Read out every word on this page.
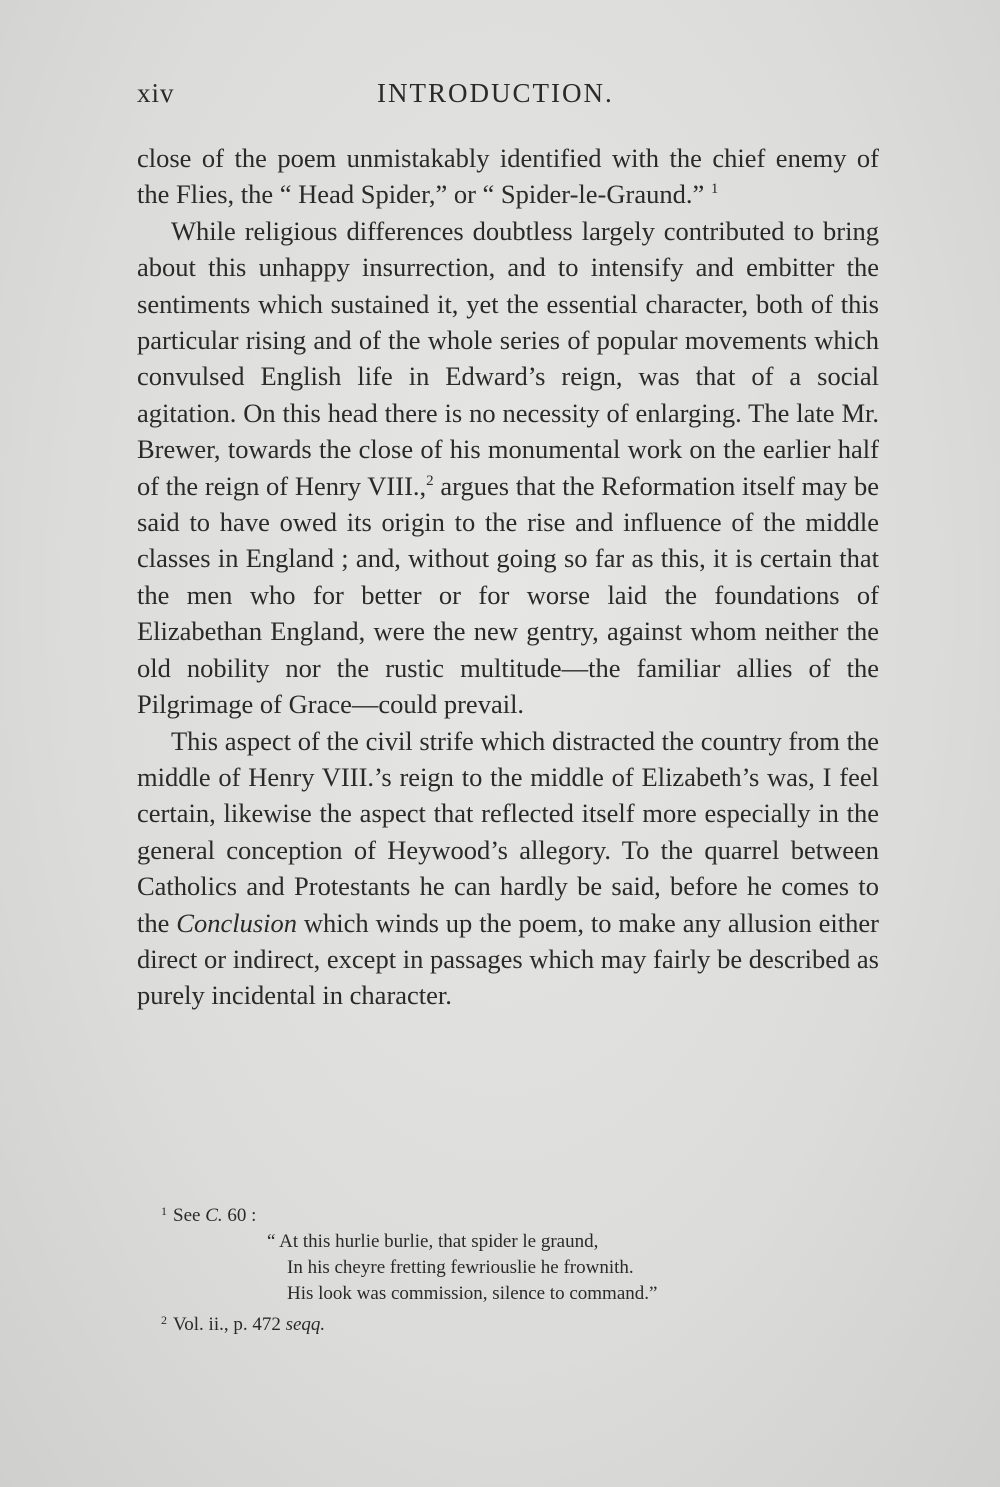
xiv	INTRODUCTION.

close of the poem unmistakably identified with the chief enemy of the Flies, the “ Head Spider,” or “ Spider-le-Graund.” $^1$

While religious differences doubtless largely contributed to bring about this unhappy insurrection, and to intensify and embitter the sentiments which sustained it, yet the essential character, both of this particular rising and of the whole series of popular movements which convulsed English life in Edward’s reign, was that of a social agitation. On this head there is no necessity of enlarging. The late Mr. Brewer, towards the close of his monumental work on the earlier half of the reign of Henry VIII.,$^2$ argues that the Reformation itself may be said to have owed its origin to the rise and influence of the middle classes in England ; and, without going so far as this, it is certain that the men who for better or for worse laid the foundations of Elizabethan England, were the new gentry, against whom neither the old nobility nor the rustic multitude—the familiar allies of the Pilgrimage of Grace—could prevail.

This aspect of the civil strife which distracted the country from the middle of Henry VIII.’s reign to the middle of Elizabeth’s was, I feel certain, likewise the aspect that reflected itself more especially in the general conception of Heywood’s allegory. To the quarrel between Catholics and Protestants he can hardly be said, before he comes to the Conclusion which winds up the poem, to make any allusion either direct or indirect, except in passages which may fairly be described as purely incidental in character.

$^1$ See C. 60 :

“ At this hurlie burlie, that spider le graund,

In his cheyre fretting fewriouslie he frownith.

His look was commission, silence to command.”

$^2$ Vol. ii., p. 472 seqq.
